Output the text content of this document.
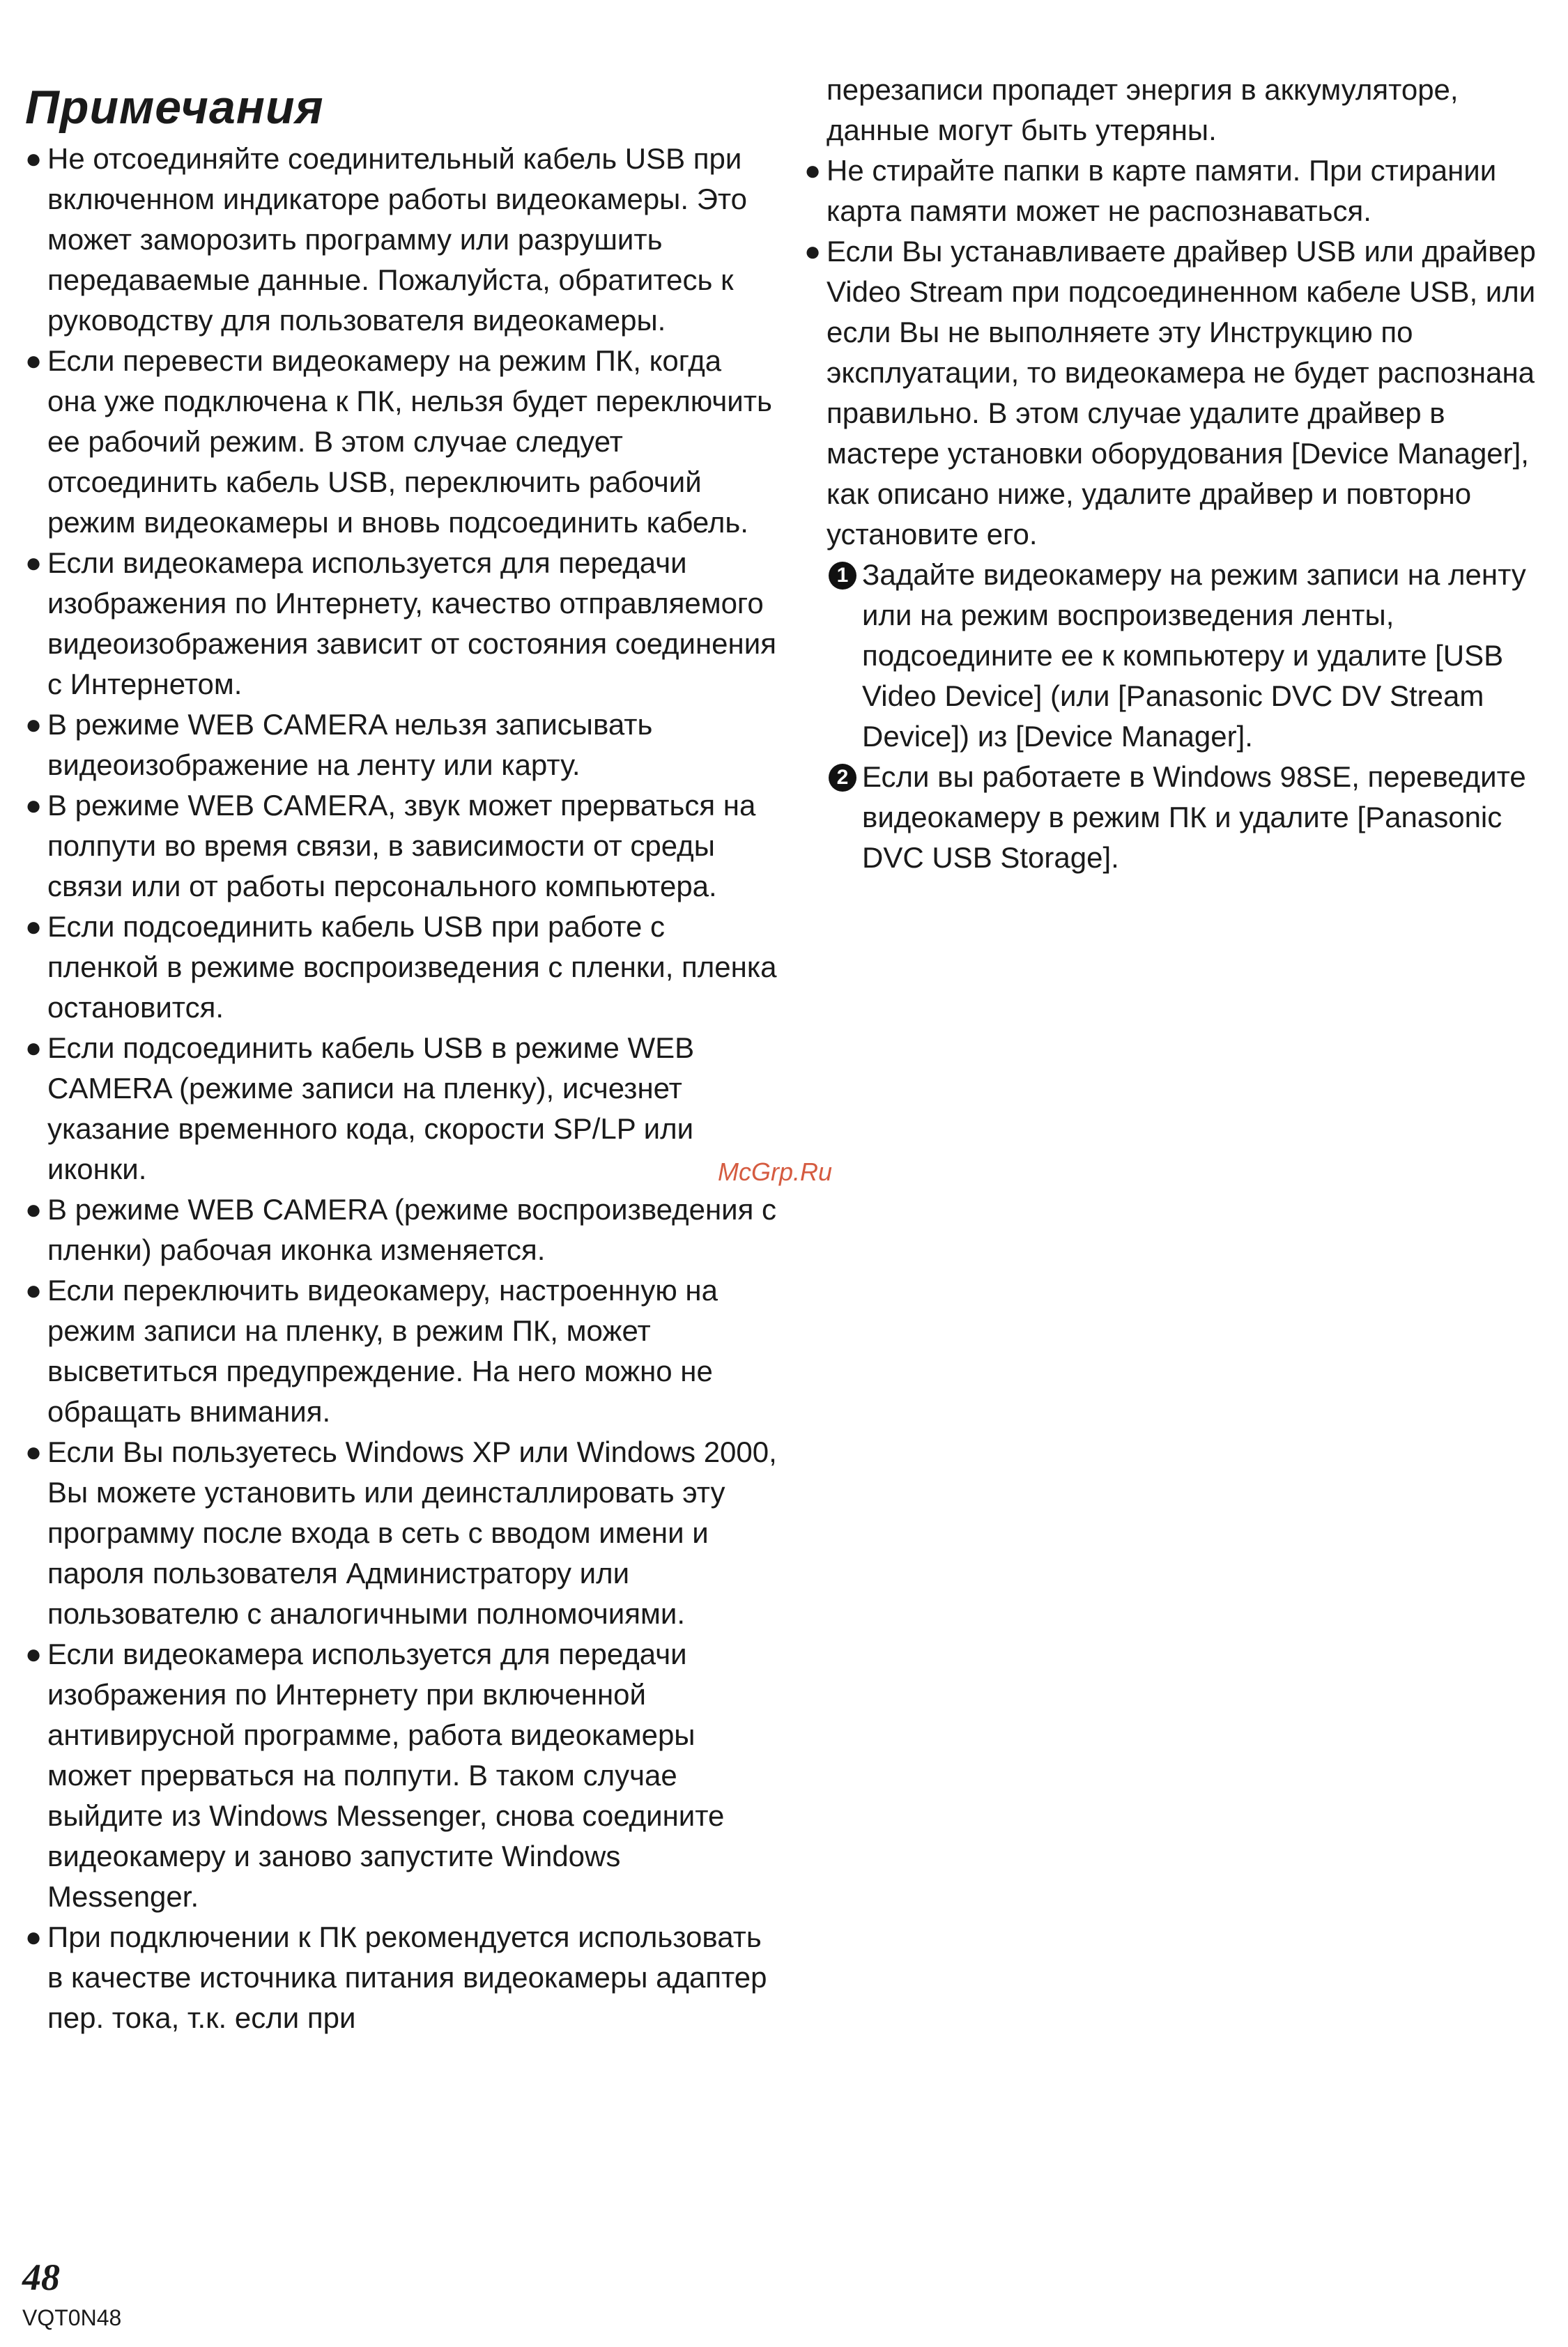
Примечания
● Не отсоединяйте соединительный кабель USB при включенном индикаторе работы видеокамеры. Это может заморозить программу или разрушить передаваемые данные. Пожалуйста, обратитесь к руководству для пользователя видеокамеры.
● Если перевести видеокамеру на режим ПК, когда она уже подключена к ПК, нельзя будет переключить ее рабочий режим. В этом случае следует отсоединить кабель USB, переключить рабочий режим видеокамеры и вновь подсоединить кабель.
● Если видеокамера используется для передачи изображения по Интернету, качество отправляемого видеоизображения зависит от состояния соединения с Интернетом.
● В режиме WEB CAMERA нельзя записывать видеоизображение на ленту или карту.
● В режиме WEB CAMERA, звук может прерваться на полпути во время связи, в зависимости от среды связи или от работы персонального компьютера.
● Если подсоединить кабель USB при работе с пленкой в режиме воспроизведения с пленки, пленка остановится.
● Если подсоединить кабель USB в режиме WEB CAMERA (режиме записи на пленку), исчезнет указание временного кода, скорости SP/LP или иконки.
● В режиме WEB CAMERA (режиме воспроизведения с пленки) рабочая иконка изменяется.
● Если переключить видеокамеру, настроенную на режим записи на пленку, в режим ПК, может высветиться предупреждение. На него можно не обращать внимания.
● Если Вы пользуетесь Windows XP или Windows 2000, Вы можете установить или деинсталлировать эту программу после входа в сеть с вводом имени и пароля пользователя Администратору или пользователю с аналогичными полномочиями.
● Если видеокамера используется для передачи изображения по Интернету при включенной антивирусной программе, работа видеокамеры может прерваться на полпути. В таком случае выйдите из Windows Messenger, снова соедините видеокамеру и заново запустите Windows Messenger.
● При подключении к ПК рекомендуется использовать в качестве источника питания видеокамеры адаптер пер. тока, т.к. если при
перезаписи пропадет энергия в аккумуляторе, данные могут быть утеряны.
● Не стирайте папки в карте памяти. При стирании карта памяти может не распознаваться.
● Если Вы устанавливаете драйвер USB или драйвер Video Stream при подсоединенном кабеле USB, или если Вы не выполняете эту Инструкцию по эксплуатации, то видеокамера не будет распознана правильно. В этом случае удалите драйвер в мастере установки оборудования [Device Manager], как описано ниже, удалите драйвер и повторно установите его.
1 Задайте видеокамеру на режим записи на ленту или на режим воспроизведения ленты, подсоедините ее к компьютеру и удалите [USB Video Device] (или [Panasonic DVC DV Stream Device]) из [Device Manager].
2 Если вы работаете в Windows 98SE, переведите видеокамеру в режим ПК и удалите [Panasonic DVC USB Storage].
McGrp.Ru
48
VQT0N48
